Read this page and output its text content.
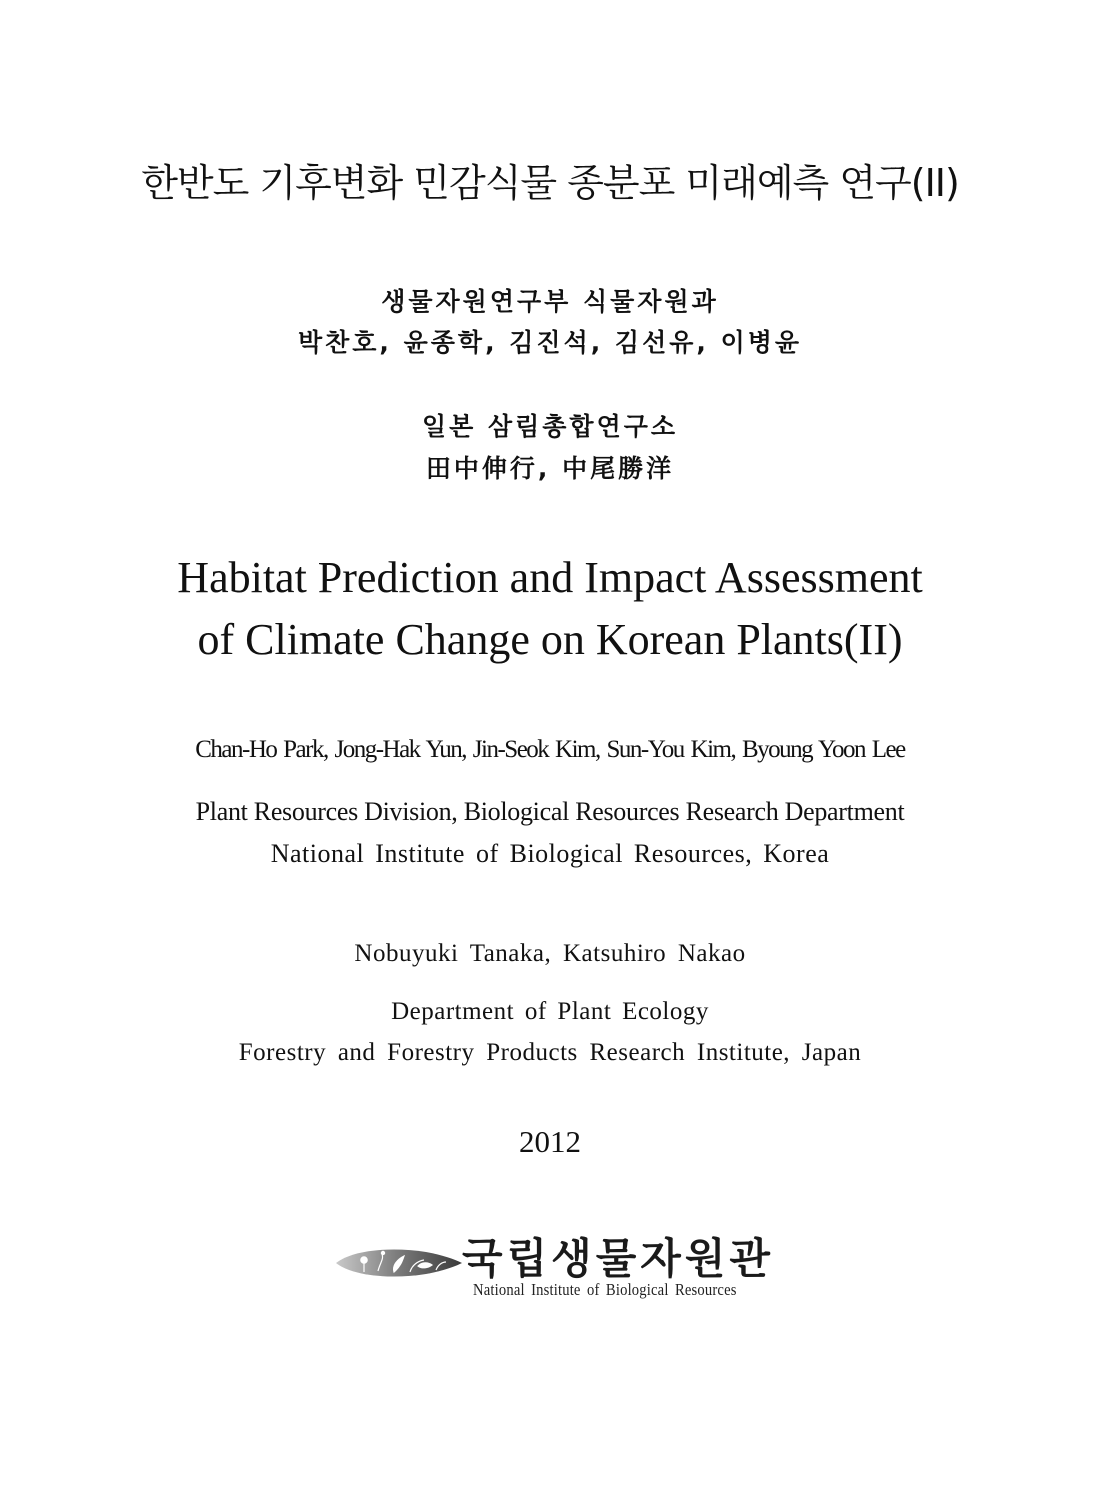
한반도 기후변화 민감식물 종분포 미래예측 연구(II)
생물자원연구부 식물자원과
박찬호, 윤종학, 김진석, 김선유, 이병윤
일본 삼림총합연구소
田中伸行, 中尾勝洋
Habitat Prediction and Impact Assessment
of Climate Change on Korean Plants(II)
Chan-Ho Park, Jong-Hak Yun, Jin-Seok Kim, Sun-You Kim, Byoung Yoon Lee
Plant Resources Division, Biological Resources Research Department
National Institute of Biological Resources, Korea
Nobuyuki Tanaka, Katsuhiro Nakao
Department of Plant Ecology
Forestry and Forestry Products Research Institute, Japan
2012
국립생물자원관
National Institute of Biological Resources
